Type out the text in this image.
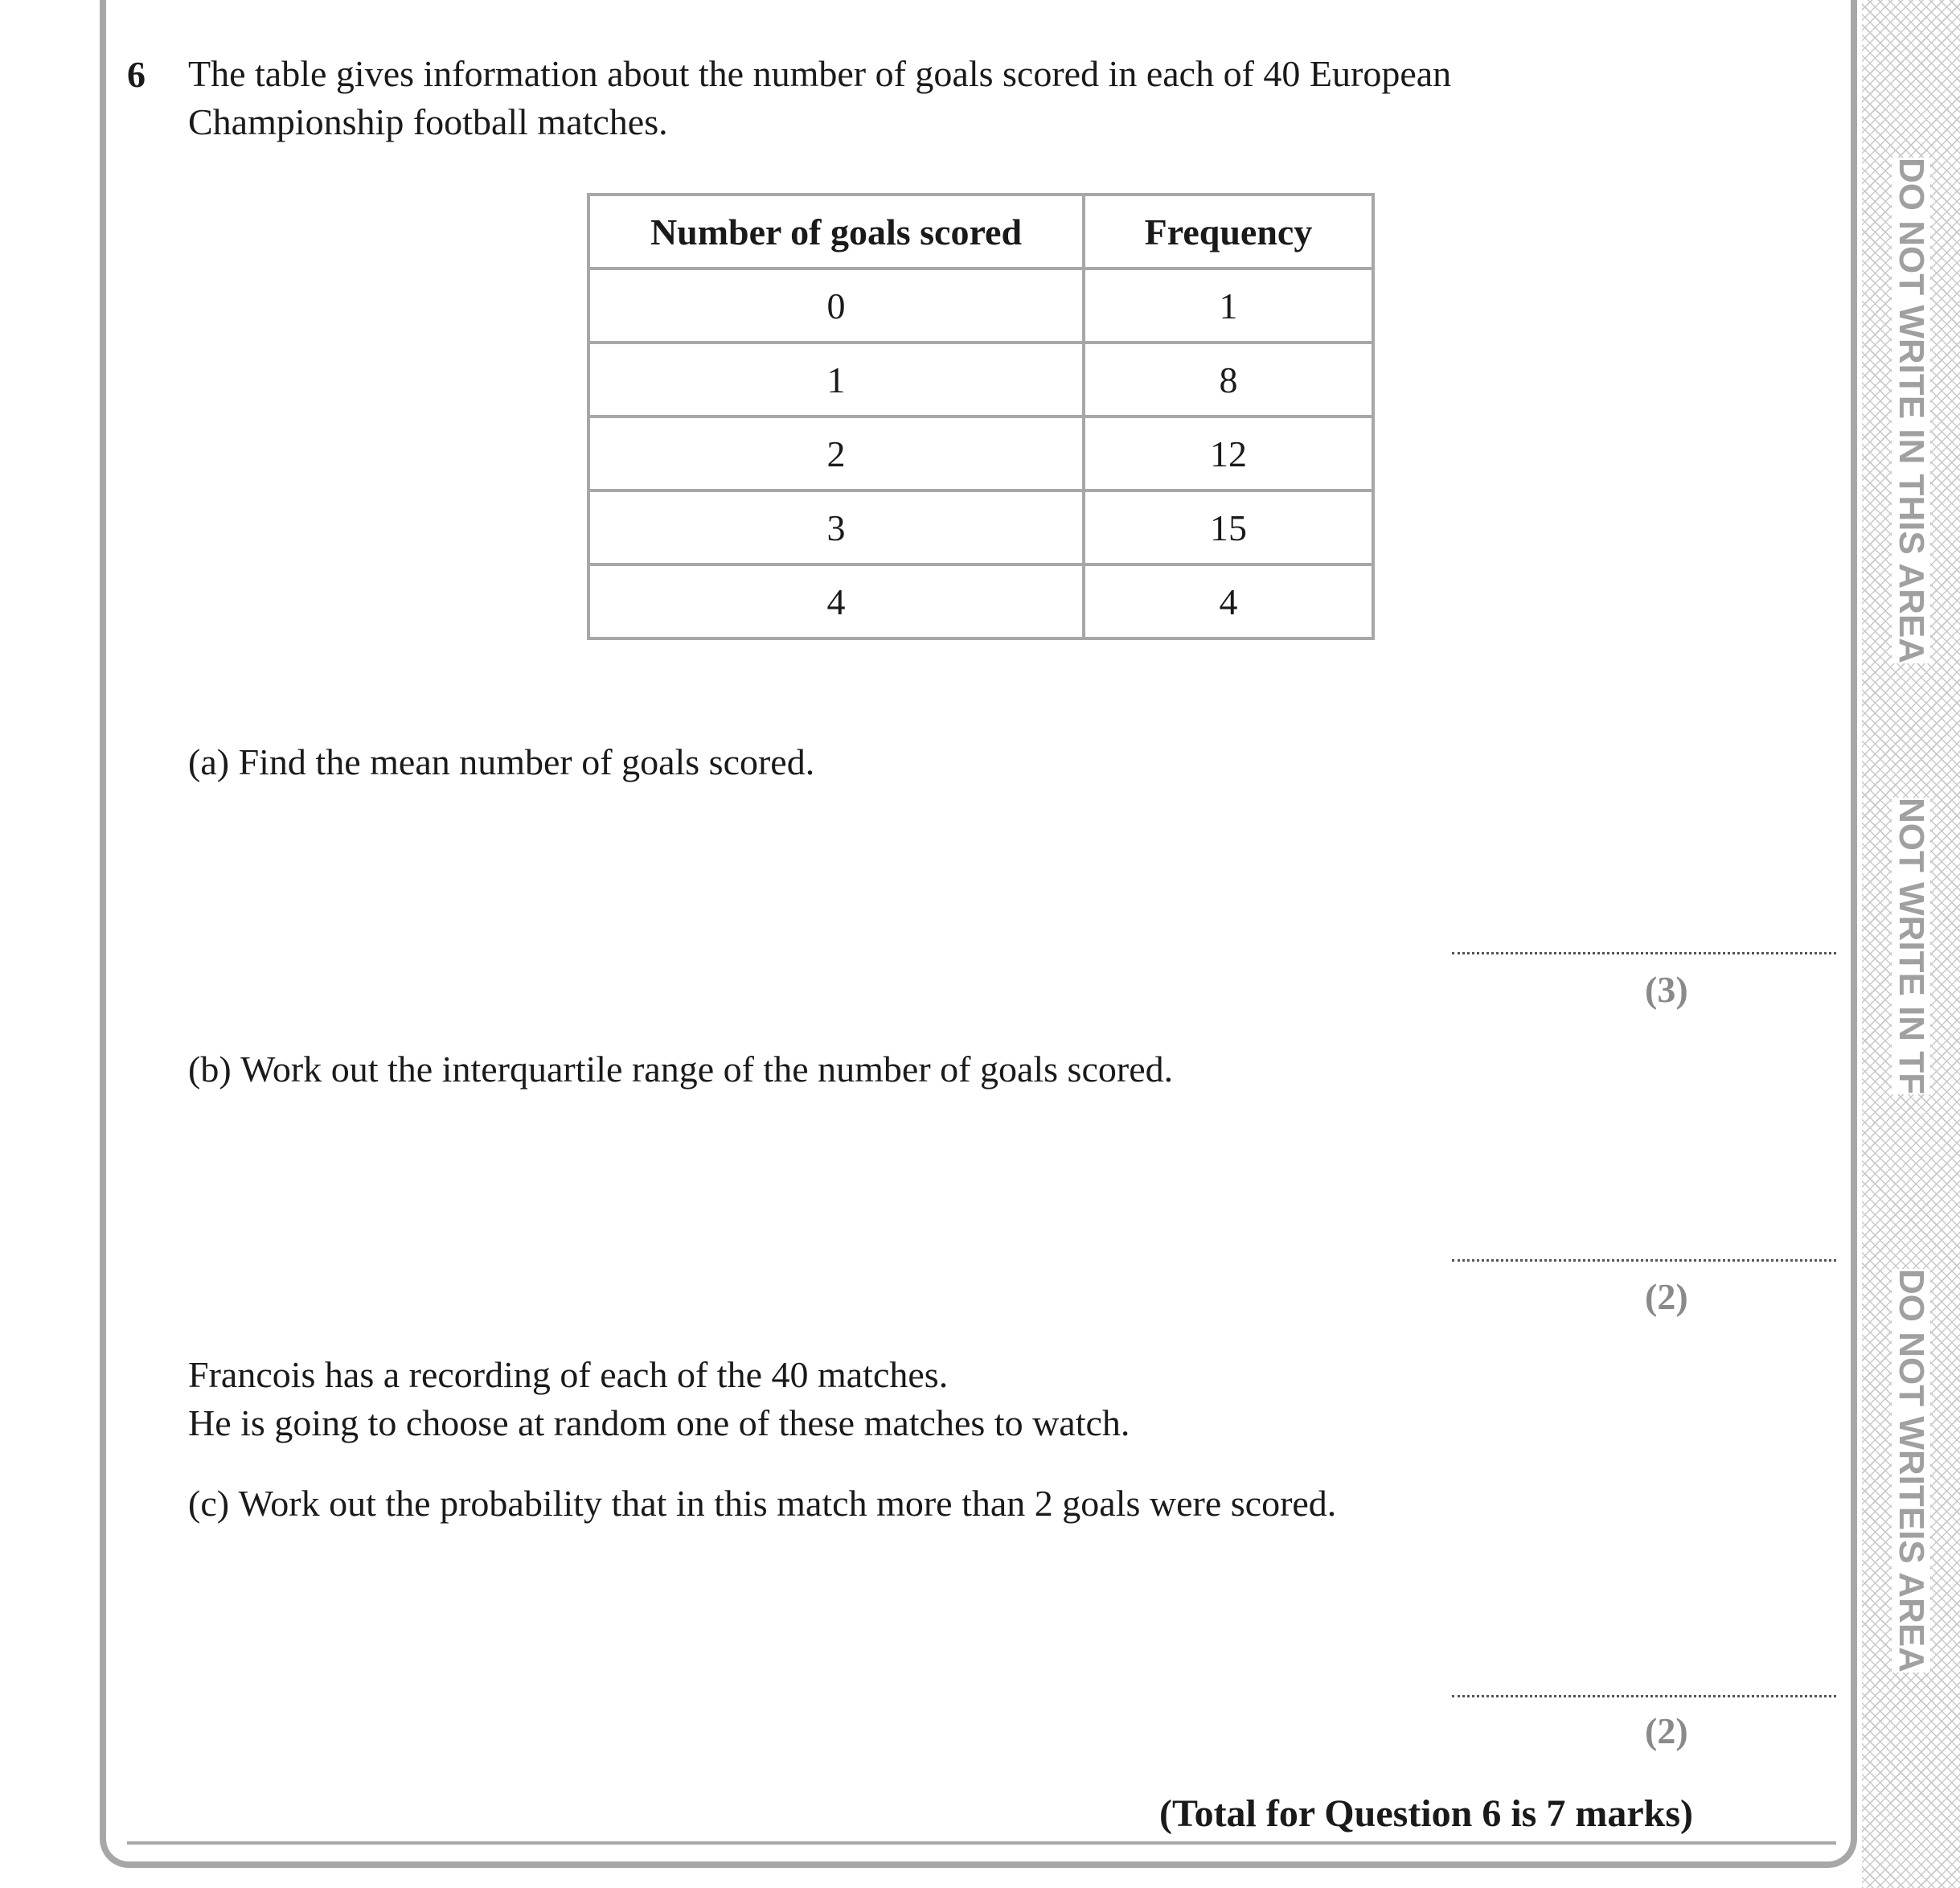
DO NOT WRITE IN THIS AREA
NOT WRITE IN TF
DO NOT WRITEIS AREA
6 The table gives information about the number of goals scored in each of 40 European
Championship football matches.
Number of goals scored	Frequency
0	1
1	8
2	12
3	15
4	4
(a) Find the mean number of goals scored.
(3)
(b) Work out the interquartile range of the number of goals scored.
(2)
Francois has a recording of each of the 40 matches.
He is going to choose at random one of these matches to watch.
(c) Work out the probability that in this match more than 2 goals were scored.
(2)
(Total for Question 6 is 7 marks)
